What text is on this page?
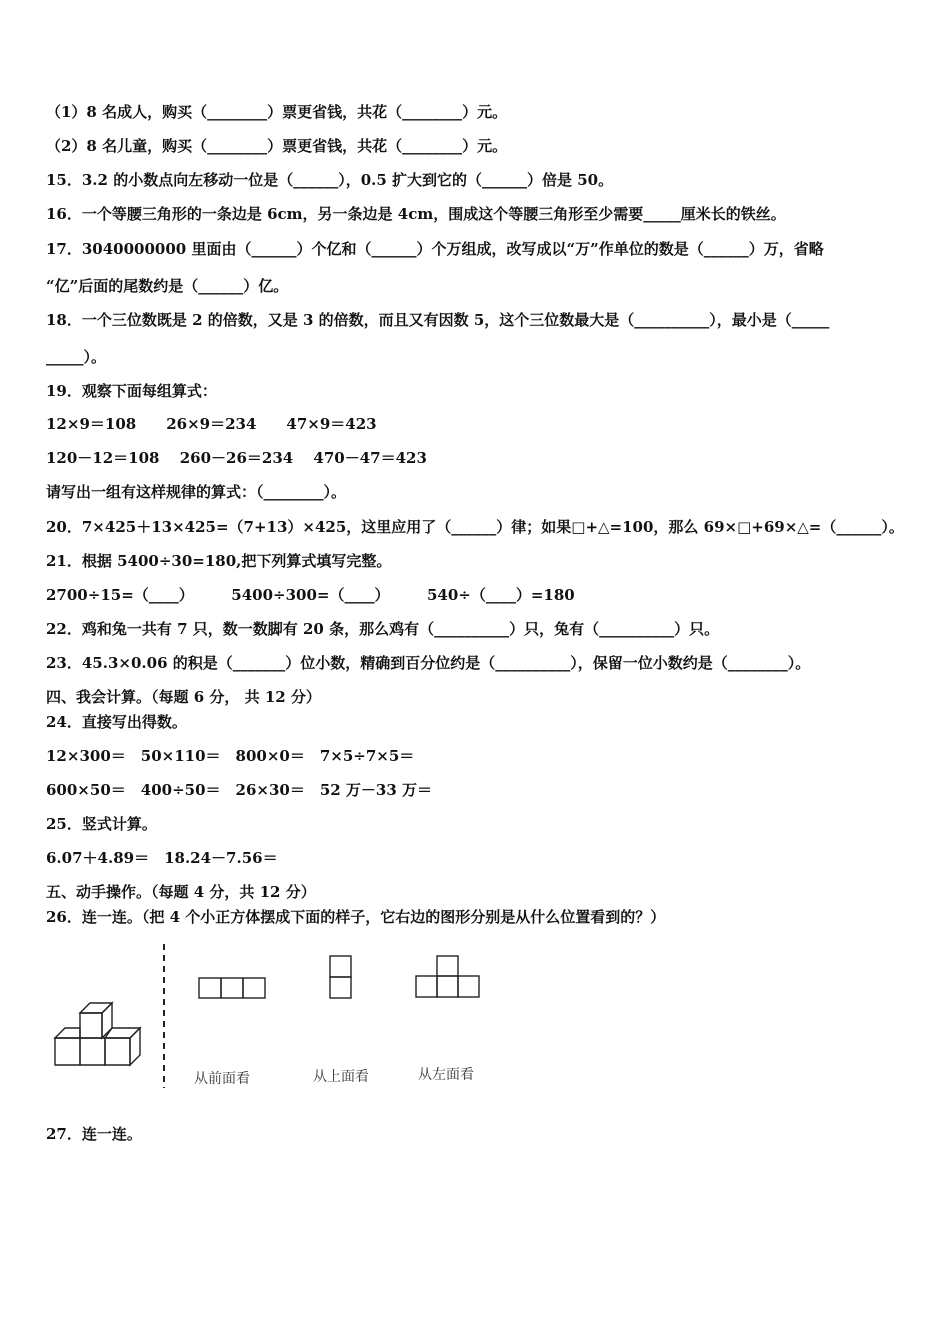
（1）8 名成人，购买（________）票更省钱，共花（________）元。
（2）8 名儿童，购买（________）票更省钱，共花（________）元。
15．3.2 的小数点向左移动一位是（______），0.5 扩大到它的（______）倍是 50。
16．一个等腰三角形的一条边是 6cm，另一条边是 4cm，围成这个等腰三角形至少需要_____厘米长的铁丝。
17．3040000000 里面由（______）个亿和（______）个万组成，改写成以“万”作单位的数是（______）万，省略
“亿”后面的尾数约是（______）亿。
18．一个三位数既是 2 的倍数，又是 3 的倍数，而且又有因数 5，这个三位数最大是（__________），最小是（_____
_____）。
19．观察下面每组算式：
12×9＝108　　26×9＝234　　47×9＝423
120－12＝108　 260－26＝234　 470－47＝423
请写出一组有这样规律的算式：（________）。
20．7×425＋13×425=（7+13）×425，这里应用了（______）律；如果□+△=100，那么 69×□+69×△=（______）。
21．根据 5400÷30=180,把下列算式填写完整。
2700÷15=（____）　　　5400÷300=（____）　　　540÷（____）=180
22．鸡和兔一共有 7 只，数一数脚有 20 条，那么鸡有（__________）只，兔有（__________）只。
23．45.3×0.06 的积是（_______）位小数，精确到百分位约是（__________），保留一位小数约是（________）。
四、我会计算。（每题 6 分， 共 12 分）
24．直接写出得数。
12×300＝　50×110＝　800×0＝　7×5÷7×5＝
600×50＝　400÷50＝　26×30＝　52 万－33 万＝
25．竖式计算。
6.07＋4.89＝　18.24－7.56＝
五、动手操作。（每题 4 分，共 12 分）
26．连一连。（把 4 个小正方体摆成下面的样子，它右边的图形分别是从什么位置看到的？）
从前面看	从上面看	从左面看
27．连一连。
